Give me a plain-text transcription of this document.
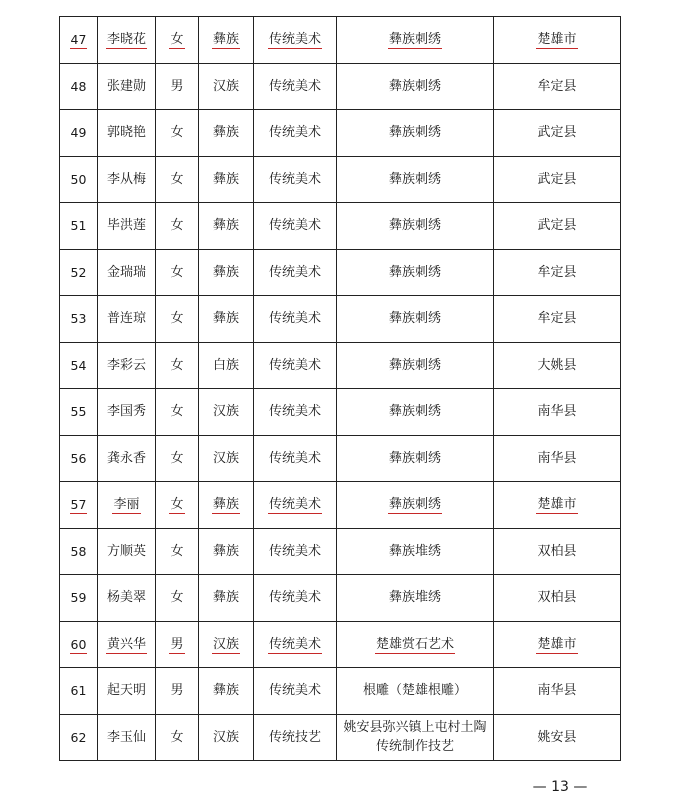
47	李晓花	女	彝族	传统美术	彝族刺绣	楚雄市
48	张建勋	男	汉族	传统美术	彝族刺绣	牟定县
49	郭晓艳	女	彝族	传统美术	彝族刺绣	武定县
50	李从梅	女	彝族	传统美术	彝族刺绣	武定县
51	毕洪莲	女	彝族	传统美术	彝族刺绣	武定县
52	金瑞瑞	女	彝族	传统美术	彝族刺绣	牟定县
53	普连琼	女	彝族	传统美术	彝族刺绣	牟定县
54	李彩云	女	白族	传统美术	彝族刺绣	大姚县
55	李国秀	女	汉族	传统美术	彝族刺绣	南华县
56	龚永香	女	汉族	传统美术	彝族刺绣	南华县
57	李丽	女	彝族	传统美术	彝族刺绣	楚雄市
58	方顺英	女	彝族	传统美术	彝族堆绣	双柏县
59	杨美翠	女	彝族	传统美术	彝族堆绣	双柏县
60	黄兴华	男	汉族	传统美术	楚雄赏石艺术	楚雄市
61	起天明	男	彝族	传统美术	根雕（楚雄根雕）	南华县
62	李玉仙	女	汉族	传统技艺	姚安县弥兴镇上屯村土陶传统制作技艺	姚安县
— 13 —
